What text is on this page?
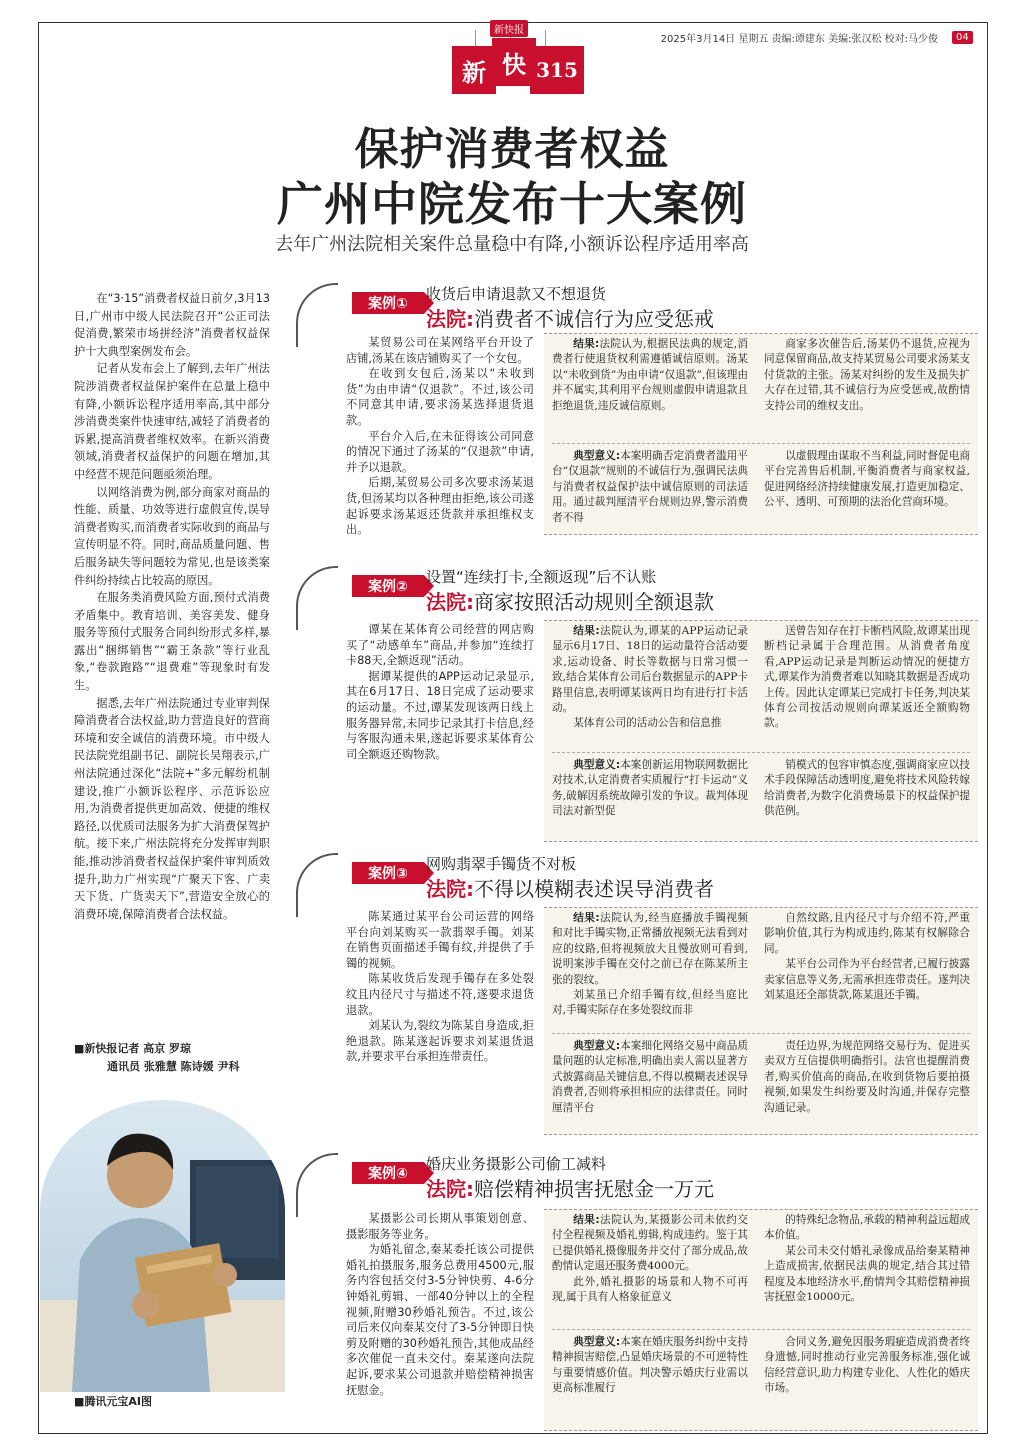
新快报
新 快 315
2025年3月14日 星期五 责编:谭建东 美编:张汉松 校对:马少俊	04
保护消费者权益
广州中院发布十大案例
去年广州法院相关案件总量稳中有降,小额诉讼程序适用率高

在“3·15”消费者权益日前夕,3月13日,广州市中级人民法院召开“公正司法促消费,繁荣市场拼经济”消费者权益保护十大典型案例发布会。

记者从发布会上了解到,去年广州法院涉消费者权益保护案件在总量上稳中有降,小额诉讼程序适用率高,其中部分涉消费类案件快速审结,减轻了消费者的诉累,提高消费者维权效率。在新兴消费领域,消费者权益保护的问题在增加,其中经营不规范问题亟须治理。

以网络消费为例,部分商家对商品的性能、质量、功效等进行虚假宣传,误导消费者购买,而消费者实际收到的商品与宣传明显不符。同时,商品质量问题、售后服务缺失等问题较为常见,也是该类案件纠纷持续占比较高的原因。

在服务类消费风险方面,预付式消费矛盾集中。教育培训、美容美发、健身服务等预付式服务合同纠纷形式多样,暴露出“捆绑销售”“霸王条款”等行业乱象,“卷款跑路”“退费难”等现象时有发生。

据悉,去年广州法院通过专业审判保障消费者合法权益,助力营造良好的营商环境和安全诚信的消费环境。市中级人民法院党组副书记、副院长吴翔表示,广州法院通过深化“法院+”多元解纷机制建设,推广小额诉讼程序、示范诉讼应用,为消费者提供更加高效、便捷的维权路径,以优质司法服务为扩大消费保驾护航。接下来,广州法院将充分发挥审判职能,推动涉消费者权益保护案件审判质效提升,助力广州实现“广聚天下客、广卖天下货、广货卖天下”,营造安全放心的消费环境,保障消费者合法权益。

■新快报记者 高京 罗琼
通讯员 张雅慧 陈诗媛 尹科
■腾讯元宝AI图
案例①
收货后申请退款又不想退货
法院:消费者不诚信行为应受惩戒

某贸易公司在某网络平台开设了店铺,汤某在该店铺购买了一个女包。

在收到女包后,汤某以“未收到货”为由申请“仅退款”。不过,该公司不同意其申请,要求汤某选择退货退款。

平台介入后,在未征得该公司同意的情况下通过了汤某的“仅退款”申请,并予以退款。

后期,某贸易公司多次要求汤某退货,但汤某均以各种理由拒绝,该公司遂起诉要求汤某返还货款并承担维权支出。

结果:法院认为,根据民法典的规定,消费者行使退货权利需遵循诚信原则。汤某以“未收到货”为由申请“仅退款”,但该理由并不属实,其利用平台规则虚假申请退款且拒绝退货,违反诚信原则。

商家多次催告后,汤某仍不退货,应视为同意保留商品,故支持某贸易公司要求汤某支付货款的主张。汤某对纠纷的发生及损失扩大存在过错,其不诚信行为应受惩戒,故酌情支持公司的维权支出。

典型意义:本案明确否定消费者滥用平台“仅退款”规则的不诚信行为,强调民法典与消费者权益保护法中诚信原则的司法适用。通过裁判厘清平台规则边界,警示消费者不得

以虚假理由谋取不当利益,同时督促电商平台完善售后机制,平衡消费者与商家权益,促进网络经济持续健康发展,打造更加稳定、公平、透明、可预期的法治化营商环境。

案例②
设置“连续打卡,全额返现”后不认账
法院:商家按照活动规则全额退款

谭某在某体育公司经营的网店购买了“动感单车”商品,并参加“连续打卡88天,全额返现”活动。

据谭某提供的APP运动记录显示,其在6月17日、18日完成了运动要求的运动量。不过,谭某发现该两日线上服务器异常,未同步记录其打卡信息,经与客服沟通未果,遂起诉要求某体育公司全额返还购物款。

结果:法院认为,谭某的APP运动记录显示6月17日、18日的运动量符合活动要求,运动设备、时长等数据与日常习惯一致,结合某体育公司后台数据显示的APP卡路里信息,表明谭某该两日均有进行打卡活动。

某体育公司的活动公告和信息推

送曾告知存在打卡断档风险,故谭某出现断档记录属于合理范围。从消费者角度看,APP运动记录是判断运动情况的便捷方式,谭某作为消费者难以知晓其数据是否成功上传。因此认定谭某已完成打卡任务,判决某体育公司按活动规则向谭某返还全额购物款。

典型意义:本案创新运用物联网数据比对技术,认定消费者实质履行“打卡运动”义务,破解因系统故障引发的争议。裁判体现司法对新型促

销模式的包容审慎态度,强调商家应以技术手段保障活动透明度,避免将技术风险转嫁给消费者,为数字化消费场景下的权益保护提供范例。

案例③
网购翡翠手镯货不对板
法院:不得以模糊表述误导消费者

陈某通过某平台公司运营的网络平台向刘某购买一款翡翠手镯。刘某在销售页面描述手镯有纹,并提供了手镯的视频。

陈某收货后发现手镯存在多处裂纹且内径尺寸与描述不符,遂要求退货退款。

刘某认为,裂纹为陈某自身造成,拒绝退款。陈某遂起诉要求刘某退货退款,并要求平台承担连带责任。

结果:法院认为,经当庭播放手镯视频和对比手镯实物,正常播放视频无法看到对应的纹路,但将视频放大且慢放则可看到,说明案涉手镯在交付之前已存在陈某所主张的裂纹。

刘某虽已介绍手镯有纹,但经当庭比对,手镯实际存在多处裂纹而非

自然纹路,且内径尺寸与介绍不符,严重影响价值,其行为构成违约,陈某有权解除合同。

某平台公司作为平台经营者,已履行披露卖家信息等义务,无需承担连带责任。遂判决刘某退还全部货款,陈某退还手镯。

典型意义:本案细化网络交易中商品质量问题的认定标准,明确出卖人需以显著方式披露商品关键信息,不得以模糊表述误导消费者,否则将承担相应的法律责任。同时厘清平台

责任边界,为规范网络交易行为、促进买卖双方互信提供明确指引。法官也提醒消费者,购买价值高的商品,在收到货物后要拍摄视频,如果发生纠纷要及时沟通,并保存完整沟通记录。

案例④
婚庆业务摄影公司偷工减料
法院:赔偿精神损害抚慰金一万元

某摄影公司长期从事策划创意、摄影服务等业务。

为婚礼留念,秦某委托该公司提供婚礼拍摄服务,服务总费用4500元,服务内容包括交付3-5分钟快剪、4-6分钟婚礼剪辑、一部40分钟以上的全程视频,附赠30秒婚礼预告。不过,该公司后来仅向秦某交付了3-5分钟即日快剪及附赠的30秒婚礼预告,其他成品经多次催促一直未交付。秦某遂向法院起诉,要求某公司退款并赔偿精神损害抚慰金。

结果:法院认为,某摄影公司未依约交付全程视频及婚礼剪辑,构成违约。鉴于其已提供婚礼摄像服务并交付了部分成品,故酌情认定退还服务费4000元。

此外,婚礼摄影的场景和人物不可再现,属于具有人格象征意义

的特殊纪念物品,承载的精神利益远超成本价值。

某公司未交付婚礼录像成品给秦某精神上造成损害,依据民法典的规定,结合其过错程度及本地经济水平,酌情判令其赔偿精神损害抚慰金10000元。

典型意义:本案在婚庆服务纠纷中支持精神损害赔偿,凸显婚庆场景的不可逆特性与重要情感价值。判决警示婚庆行业需以更高标准履行

合同义务,避免因服务瑕疵造成消费者终身遗憾,同时推动行业完善服务标准,强化诚信经营意识,助力构建专业化、人性化的婚庆市场。
